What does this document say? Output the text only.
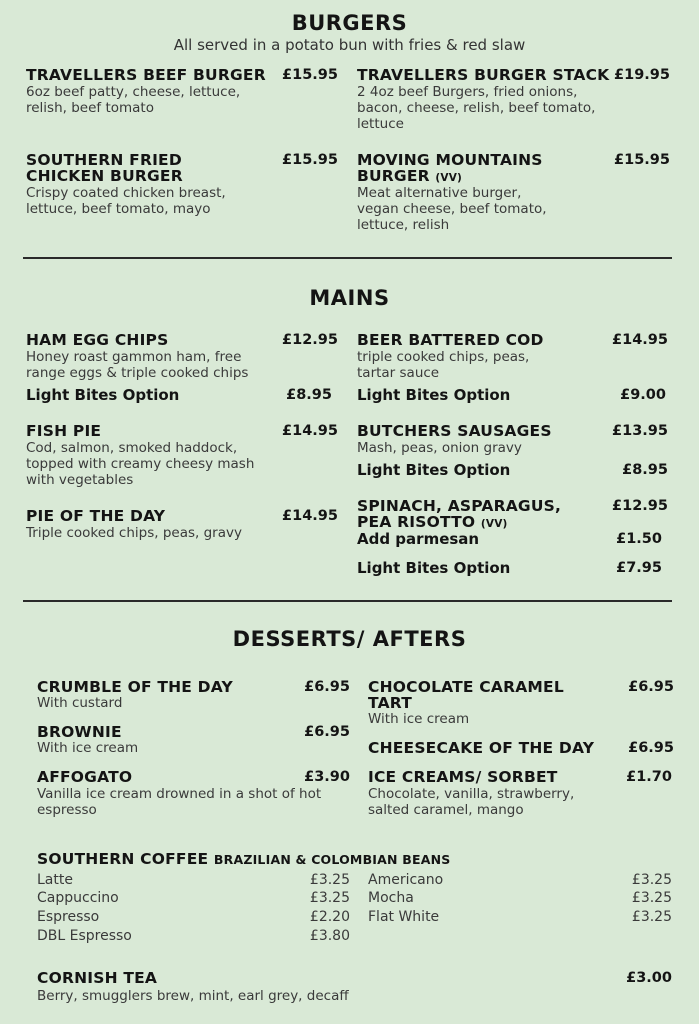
BURGERS
All served in a potato bun with fries & red slaw
TRAVELLERS BEEF BURGER	£15.95
6oz beef patty, cheese, lettuce,
relish, beef tomato
TRAVELLERS BURGER STACK £19.95
2 4oz beef Burgers, fried onions,
bacon, cheese, relish, beef tomato,
lettuce
SOUTHERN FRIED
CHICKEN BURGER
£15.95
Crispy coated chicken breast,
lettuce, beef tomato, mayo
MOVING MOUNTAINS
BURGER (VV)
£15.95
Meat alternative burger,
vegan cheese, beef tomato,
lettuce, relish
MAINS
HAM EGG CHIPS	£12.95
Honey roast gammon ham, free
range eggs & triple cooked chips
Light Bites Option	£8.95
BEER BATTERED COD	£14.95
triple cooked chips, peas,
tartar sauce
Light Bites Option	£9.00
FISH PIE	£14.95
Cod, salmon, smoked haddock,
topped with creamy cheesy mash
with vegetables
BUTCHERS SAUSAGES	£13.95
Mash, peas, onion gravy
Light Bites Option	£8.95
PIE OF THE DAY	£14.95
Triple cooked chips, peas, gravy
SPINACH, ASPARAGUS,
PEA RISOTTO (VV)
£12.95
Add parmesan	£1.50
Light Bites Option	£7.95
DESSERTS/ AFTERS
CRUMBLE OF THE DAY	£6.95
With custard
BROWNIE	£6.95
With ice cream
AFFOGATO	£3.90
Vanilla ice cream drowned in a shot of hot
espresso
CHOCOLATE CARAMEL
TART
£6.95
With ice cream
CHEESECAKE OF THE DAY	£6.95
ICE CREAMS/ SORBET	£1.70
Chocolate, vanilla, strawberry,
salted caramel, mango
SOUTHERN COFFEE BRAZILIAN & COLOMBIAN BEANS
Latte	£3.25
Cappuccino	£3.25
Espresso	£2.20
DBL Espresso	£3.80
Americano	£3.25
Mocha	£3.25
Flat White	£3.25
CORNISH TEA	£3.00
Berry, smugglers brew, mint, earl grey, decaff
